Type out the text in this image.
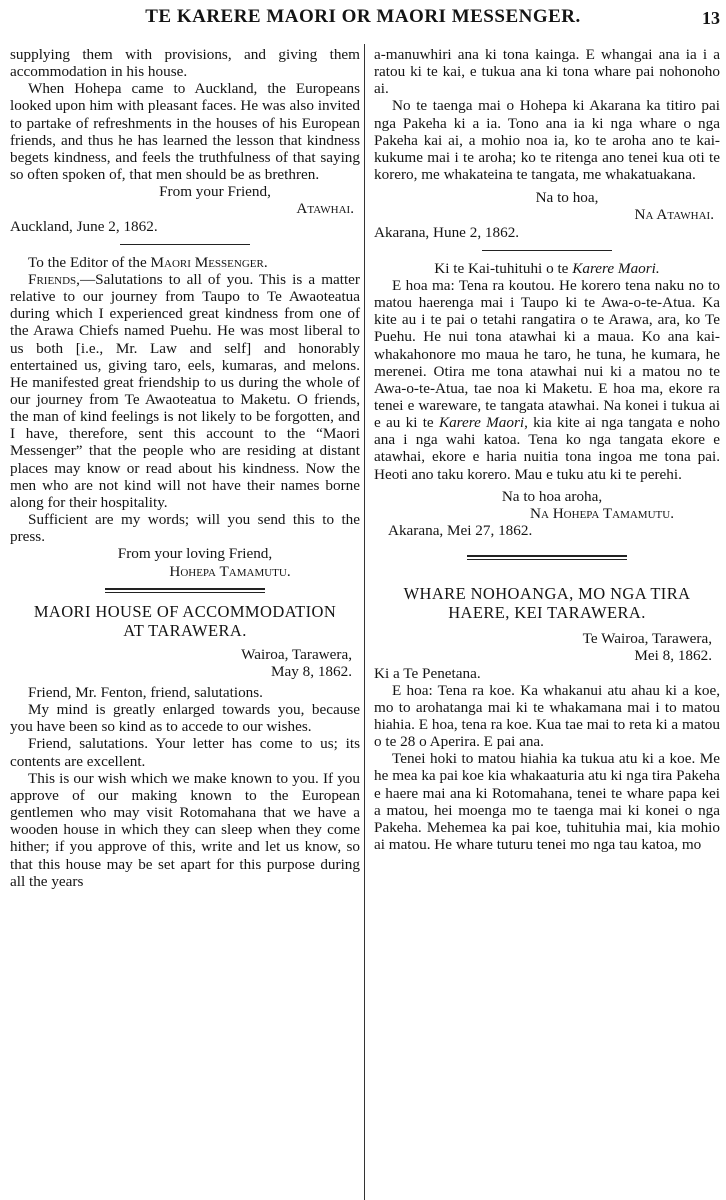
TE KARERE MAORI OR MAORI MESSENGER.	13

supplying them with provisions, and giving them accommodation in his house.

When Hohepa came to Auckland, the Europeans looked upon him with pleasant faces. He was also invited to partake of refreshments in the houses of his European friends, and thus he has learned the lesson that kindness begets kindness, and feels the truthfulness of that saying so often spoken of, that men should be as brethren.

From your Friend,

Atawhai.

Auckland, June 2, 1862.

To the Editor of the Maori Messenger.

Friends,—Salutations to all of you. This is a matter relative to our journey from Taupo to Te Awaoteatua during which I experienced great kindness from one of the Arawa Chiefs named Puehu. He was most liberal to us both [i.e., Mr. Law and self] and honorably entertained us, giving taro, eels, kumaras, and melons. He manifested great friendship to us during the whole of our journey from Te Awaoteatua to Maketu. O friends, the man of kind feelings is not likely to be forgotten, and I have, therefore, sent this account to the “Maori Messenger” that the people who are residing at distant places may know or read about his kindness. Now the men who are not kind will not have their names borne along for their hospitality.

Sufficient are my words; will you send this to the press.

From your loving Friend,

Hohepa Tamamutu.

MAORI HOUSE OF ACCOMMODATION
AT TARAWERA.

Wairoa, Tarawera,

May 8, 1862.

Friend, Mr. Fenton, friend, salutations.

My mind is greatly enlarged towards you, because you have been so kind as to accede to our wishes.

Friend, salutations. Your letter has come to us; its contents are excellent.

This is our wish which we make known to you. If you approve of our making known to the European gentlemen who may visit Rotomahana that we have a wooden house in which they can sleep when they come hither; if you approve of this, write and let us know, so that this house may be set apart for this purpose during all the years

a-manuwhiri ana ki tona kainga. E whangai ana ia i a ratou ki te kai, e tukua ana ki tona whare pai nohonoho ai.

No te taenga mai o Hohepa ki Akarana ka titiro pai nga Pakeha ki a ia. Tono ana ia ki nga whare o nga Pakeha kai ai, a mohio noa ia, ko te aroha ano te kai-kukume mai i te aroha; ko te ritenga ano tenei kua oti te korero, me whakateina te tangata, me whakatuakana.

Na to hoa,

Na Atawhai.

Akarana, Hune 2, 1862.

Ki te Kai-tuhituhi o te Karere Maori.

E hoa ma: Tena ra koutou. He korero tena naku no to matou haerenga mai i Taupo ki te Awa-o-te-Atua. Ka kite au i te pai o tetahi rangatira o te Arawa, ara, ko Te Puehu. He nui tona atawhai ki a maua. Ko ana kai-whakahonore mo maua he taro, he tuna, he kumara, he merenei. Otira me tona atawhai nui ki a matou no te Awa-o-te-Atua, tae noa ki Maketu. E hoa ma, ekore ra tenei e wareware, te tangata atawhai. Na konei i tukua ai e au ki te Karere Maori, kia kite ai nga tangata e noho ana i nga wahi katoa. Tena ko nga tangata ekore e atawhai, ekore e haria nuitia tona ingoa me tona pai. Heoti ano taku korero. Mau e tuku atu ki te perehi.

Na to hoa aroha,

Na Hohepa Tamamutu.

Akarana, Mei 27, 1862.

WHARE NOHOANGA, MO NGA TIRA
HAERE, KEI TARAWERA.

Te Wairoa, Tarawera,

Mei 8, 1862.

Ki a Te Penetana.

E hoa: Tena ra koe. Ka whakanui atu ahau ki a koe, mo to arohatanga mai ki te whakamana mai i to matou hiahia. E hoa, tena ra koe. Kua tae mai to reta ki a matou o te 28 o Aperira. E pai ana.

Tenei hoki to matou hiahia ka tukua atu ki a koe. Me he mea ka pai koe kia whakaaturia atu ki nga tira Pakeha e haere mai ana ki Rotomahana, tenei te whare papa kei a matou, hei moenga mo te taenga mai ki konei o nga Pakeha. Mehemea ka pai koe, tuhituhia mai, kia mohio ai matou. He whare tuturu tenei mo nga tau katoa, mo
